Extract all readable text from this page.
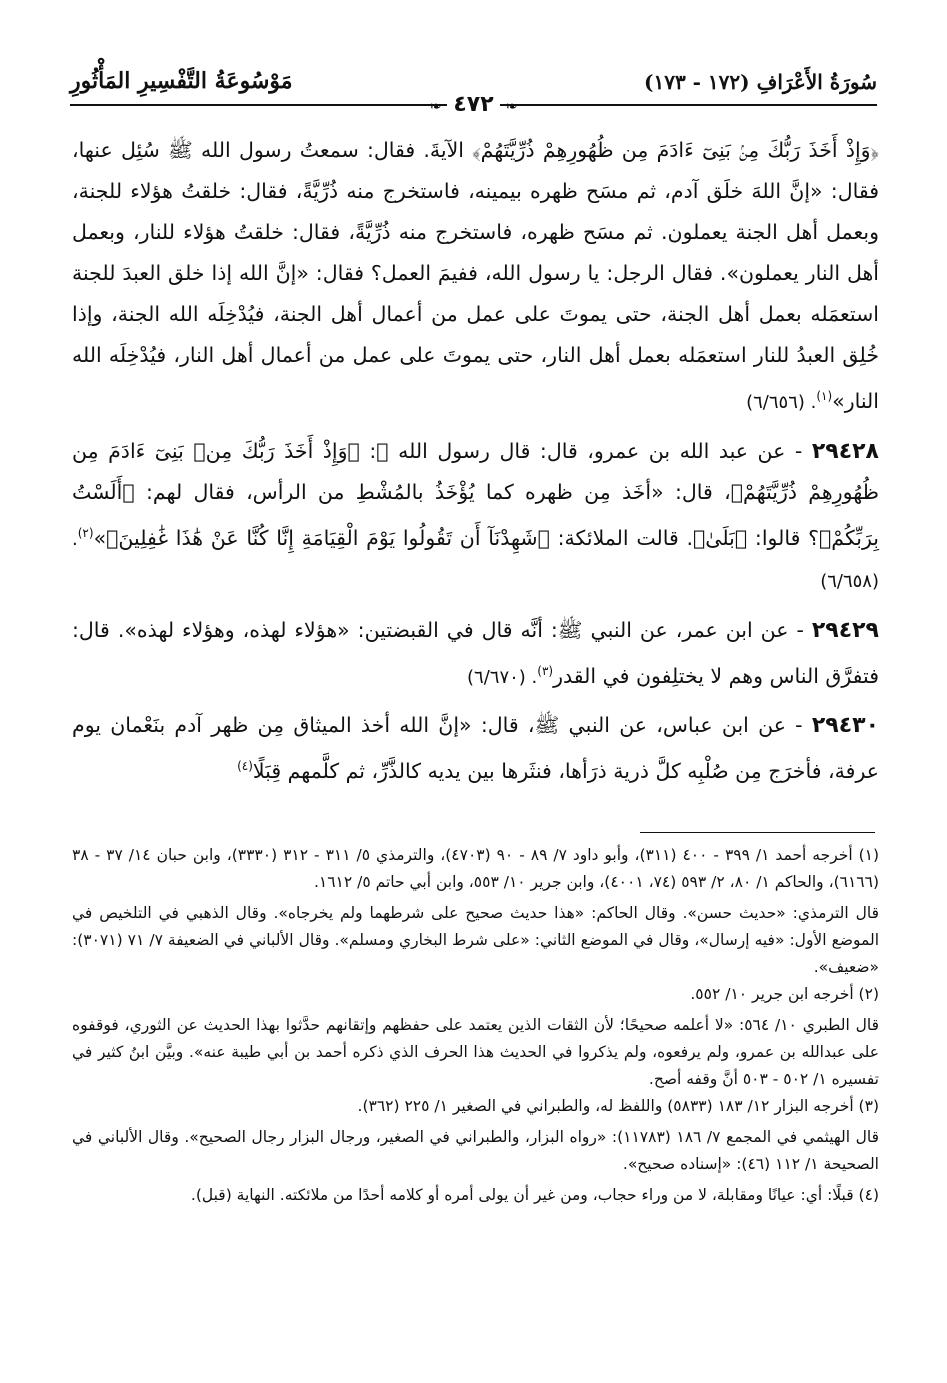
سُورَةُ الأَعْرَافِ (١٧٢ - ١٧٣)
مَوْسُوعَةُ التَّفْسِيرِ المَأْثُورِ
❧٤٧٢❧

﴿وَإِذْ أَخَذَ رَبُّكَ مِنۢ بَنِىٓ ءَادَمَ مِن ظُهُورِهِمْ ذُرِّيَّتَهُمْ﴾ الآيةَ. فقال: سمعتُ رسول الله ﷺ سُئِل عنها، فقال: «إنَّ اللهَ خلَق آدم، ثم مسَح ظهره بيمينه، فاستخرج منه ذُرِّيَّةً، فقال: خلقتُ هؤلاء للجنة، وبعمل أهل الجنة يعملون. ثم مسَح ظهره، فاستخرج منه ذُرِّيَّةً، فقال: خلقتُ هؤلاء للنار، وبعمل أهل النار يعملون». فقال الرجل: يا رسول الله، ففيمَ العمل؟ فقال: «إنَّ الله إذا خلق العبدَ للجنة استعمَله بعمل أهل الجنة، حتى يموتَ على عمل من أعمال أهل الجنة، فيُدْخِلَه الله الجنة، وإذا خُلِق العبدُ للنار استعمَله بعمل أهل النار، حتى يموتَ على عمل من أعمال أهل النار، فيُدْخِلَه الله النار»$^{(١)}$. (٦/٦٥٦)

٢٩٤٢٨ - عن عبد الله بن عمرو، قال: قال رسول الله ﷺ: ﴿وَإِذْ أَخَذَ رَبُّكَ مِنۢ بَنِىٓ ءَادَمَ مِن ظُهُورِهِمْ ذُرِّيَّتَهُمْ﴾، قال: «أخَذ مِن ظهره كما يُؤْخَذُ بالمُشْطِ من الرأس، فقال لهم: ﴿أَلَسْتُ بِرَبِّكُمْ﴾؟ قالوا: ﴿بَلَىٰ﴾. قالت الملائكة: ﴿شَهِدْنَآ أَن تَقُولُوا يَوْمَ الْقِيَامَةِ إِنَّا كُنَّا عَنْ هَٰذَا غَٰفِلِينَ﴾»$^{(٢)}$. (٦/٦٥٨)

٢٩٤٢٩ - عن ابن عمر، عن النبي ﷺ: أنَّه قال في القبضتين: «هؤلاء لهذه، وهؤلاء لهذه». قال: فتفرَّق الناس وهم لا يختلِفون في القدر$^{(٣)}$. (٦/٦٧٠)

٢٩٤٣٠ - عن ابن عباس، عن النبي ﷺ، قال: «إنَّ الله أخذ الميثاق مِن ظهر آدم بنَعْمان يوم عرفة، فأخرَج مِن صُلْبِه كلَّ ذرية ذرَأها، فنثَرها بين يديه كالذَّرِّ، ثم كلَّمهم قِبَلًا$^{(٤)}$

(١) أخرجه أحمد ١/ ٣٩٩ - ٤٠٠ (٣١١)، وأبو داود ٧/ ٨٩ - ٩٠ (٤٧٠٣)، والترمذي ٥/ ٣١١ - ٣١٢ (٣٣٣٠)، وابن حبان ١٤/ ٣٧ - ٣٨ (٦١٦٦)، والحاكم ١/ ٨٠، ٢/ ٥٩٣ (٧٤، ٤٠٠١)، وابن جرير ١٠/ ٥٥٣، وابن أبي حاتم ٥/ ١٦١٢.

قال الترمذي: «حديث حسن». وقال الحاكم: «هذا حديث صحيح على شرطهما ولم يخرجاه». وقال الذهبي في التلخيص في الموضع الأول: «فيه إرسال»، وقال في الموضع الثاني: «على شرط البخاري ومسلم». وقال الألباني في الضعيفة ٧/ ٧١ (٣٠٧١): «ضعيف».

(٢) أخرجه ابن جرير ١٠/ ٥٥٢.

قال الطبري ١٠/ ٥٦٤: «لا أعلمه صحيحًا؛ لأن الثقات الذين يعتمد على حفظهم وإتقانهم حدَّثوا بهذا الحديث عن الثوري، فوقفوه على عبدالله بن عمرو، ولم يرفعوه، ولم يذكروا في الحديث هذا الحرف الذي ذكره أحمد بن أبي طيبة عنه». وبيَّن ابنُ كثير في تفسيره ١/ ٥٠٢ - ٥٠٣ أنَّ وقفه أصح.

(٣) أخرجه البزار ١٢/ ١٨٣ (٥٨٣٣) واللفظ له، والطبراني في الصغير ١/ ٢٢٥ (٣٦٢).

قال الهيثمي في المجمع ٧/ ١٨٦ (١١٧٨٣): «رواه البزار، والطبراني في الصغير، ورجال البزار رجال الصحيح». وقال الألباني في الصحيحة ١/ ١١٢ (٤٦): «إسناده صحيح».

(٤) قبلًا: أي: عيانًا ومقابلة، لا من وراء حجاب، ومن غير أن يولى أمره أو كلامه أحدًا من ملائكته. النهاية (قبل).
